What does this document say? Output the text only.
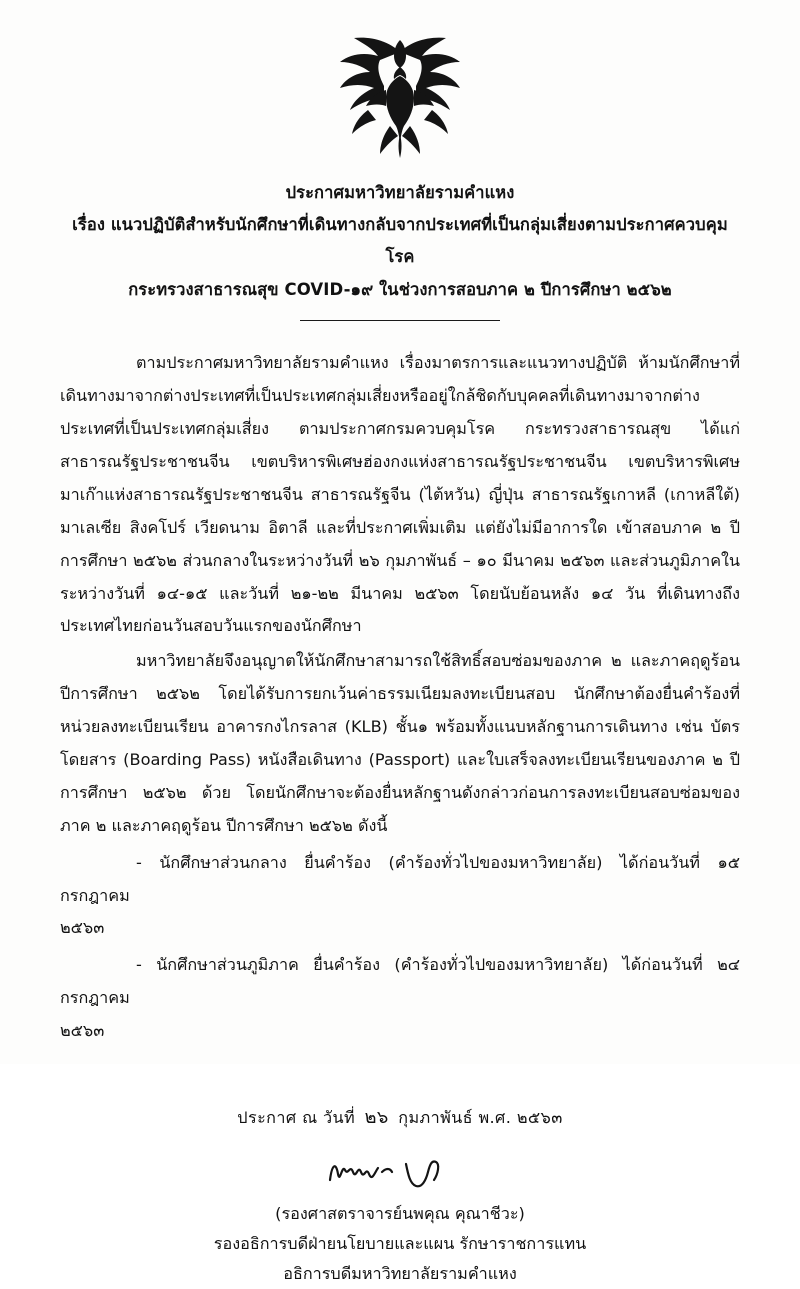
ประกาศมหาวิทยาลัยรามคำแหง
เรื่อง แนวปฏิบัติสำหรับนักศึกษาที่เดินทางกลับจากประเทศที่เป็นกลุ่มเสี่ยงตามประกาศควบคุมโรค
กระทรวงสาธารณสุข COVID-๑๙ ในช่วงการสอบภาค ๒ ปีการศึกษา ๒๕๖๒

ตามประกาศมหาวิทยาลัยรามคำแหง เรื่องมาตรการและแนวทางปฏิบัติ ห้ามนักศึกษาที่เดินทางมาจากต่างประเทศที่เป็นประเทศกลุ่มเสี่ยงหรืออยู่ใกล้ชิดกับบุคคลที่เดินทางมาจากต่างประเทศที่เป็นประเทศกลุ่มเสี่ยง ตามประกาศกรมควบคุมโรค กระทรวงสาธารณสุข ได้แก่ สาธารณรัฐประชาชนจีน เขตบริหารพิเศษฮ่องกงแห่งสาธารณรัฐประชาชนจีน เขตบริหารพิเศษมาเก๊าแห่งสาธารณรัฐประชาชนจีน สาธารณรัฐจีน (ไต้หวัน) ญี่ปุ่น สาธารณรัฐเกาหลี (เกาหลีใต้) มาเลเซีย สิงคโปร์ เวียดนาม อิตาลี และที่ประกาศเพิ่มเติม แต่ยังไม่มีอาการใด เข้าสอบภาค ๒ ปีการศึกษา ๒๕๖๒ ส่วนกลางในระหว่างวันที่ ๒๖ กุมภาพันธ์ – ๑๐ มีนาคม ๒๕๖๓ และส่วนภูมิภาคในระหว่างวันที่ ๑๔-๑๕ และวันที่ ๒๑-๒๒ มีนาคม ๒๕๖๓ โดยนับย้อนหลัง ๑๔ วัน ที่เดินทางถึงประเทศไทยก่อนวันสอบวันแรกของนักศึกษา

มหาวิทยาลัยจึงอนุญาตให้นักศึกษาสามารถใช้สิทธิ์สอบซ่อมของภาค ๒ และภาคฤดูร้อน ปีการศึกษา ๒๕๖๒ โดยได้รับการยกเว้นค่าธรรมเนียมลงทะเบียนสอบ นักศึกษาต้องยื่นคำร้องที่หน่วยลงทะเบียนเรียน อาคารกงไกรลาส (KLB) ชั้น๑ พร้อมทั้งแนบหลักฐานการเดินทาง เช่น บัตรโดยสาร (Boarding Pass) หนังสือเดินทาง (Passport) และใบเสร็จลงทะเบียนเรียนของภาค ๒ ปีการศึกษา ๒๕๖๒ ด้วย โดยนักศึกษาจะต้องยื่นหลักฐานดังกล่าวก่อนการลงทะเบียนสอบซ่อมของภาค ๒ และภาคฤดูร้อน ปีการศึกษา ๒๕๖๒ ดังนี้

- นักศึกษาส่วนกลาง ยื่นคำร้อง (คำร้องทั่วไปของมหาวิทยาลัย) ได้ก่อนวันที่ ๑๕ กรกฎาคม
๒๕๖๓
- นักศึกษาส่วนภูมิภาค ยื่นคำร้อง (คำร้องทั่วไปของมหาวิทยาลัย) ได้ก่อนวันที่ ๒๔ กรกฎาคม
๒๕๖๓
ประกาศ ณ วันที่ ๒๖ กุมภาพันธ์ พ.ศ. ๒๕๖๓
(รองศาสตราจารย์นพคุณ คุณาชีวะ)
รองอธิการบดีฝ่ายนโยบายและแผน รักษาราชการแทน
อธิการบดีมหาวิทยาลัยรามคำแหง
